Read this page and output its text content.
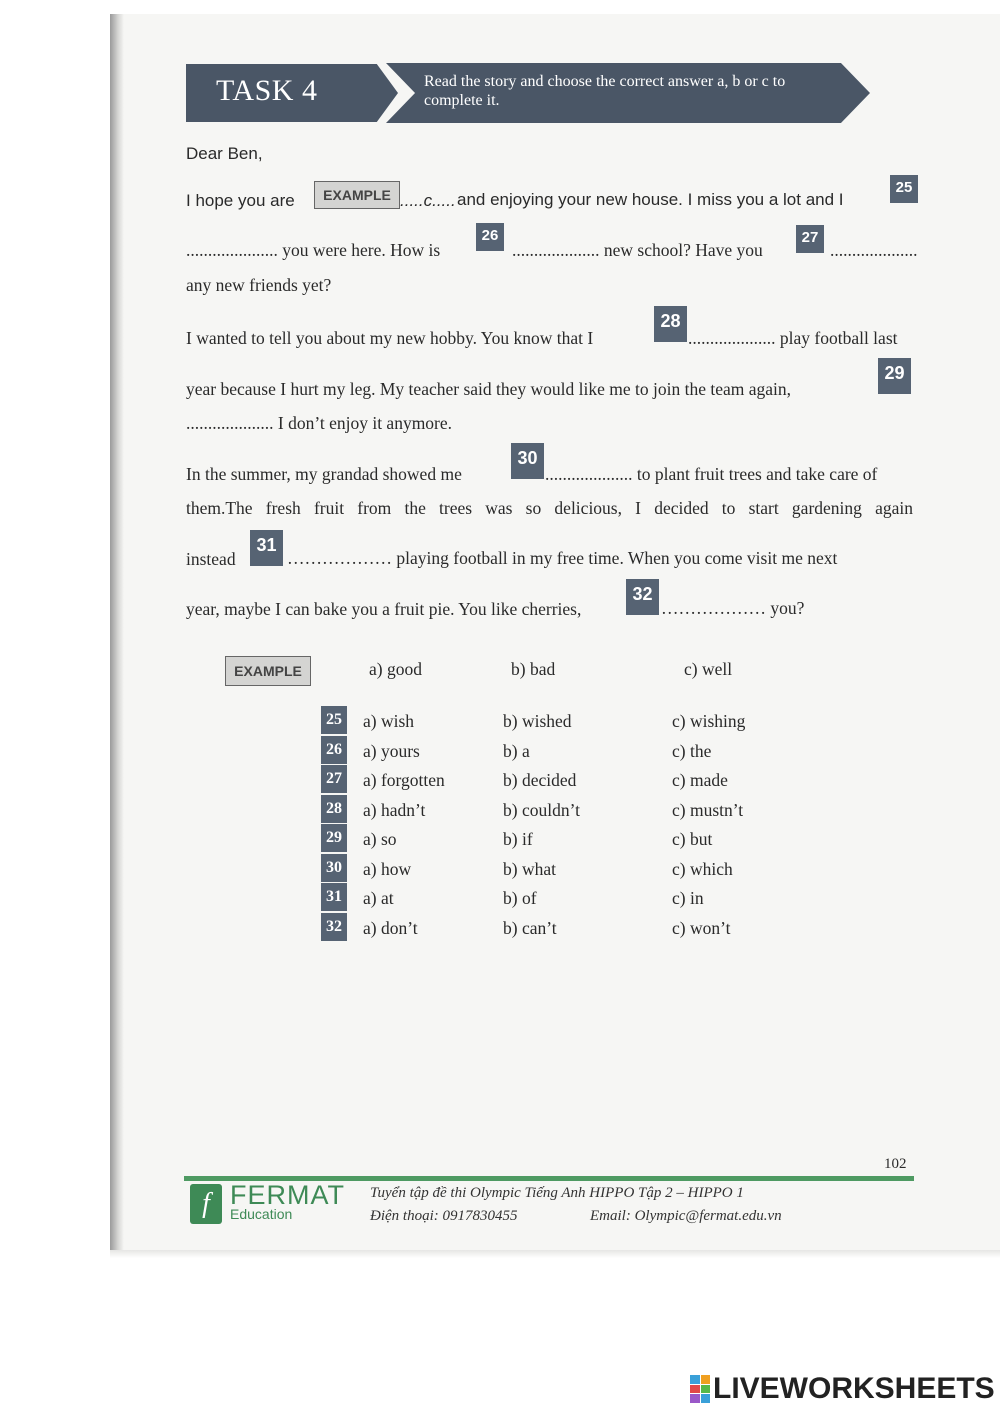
TASK 4	Read the story and choose the correct answer a, b or c to complete it.
Dear Ben,
I hope you are	EXAMPLE .....c..... and enjoying your new house. I miss you a lot and I
25
..................... you were here. How is
26
.................... new school? Have you
27
....................
any new friends yet?
I wanted to tell you about my new hobby. You know that I
28
.................... play football last
year because I hurt my leg. My teacher said they would like me to join the team again,
29
.................... I don’t enjoy it anymore.
In the summer, my grandad showed me
30
.................... to plant fruit trees and take care of
them.The fresh fruit from the trees was so delicious, I decided to start gardening again
instead
31
……………… playing football in my free time. When you come visit me next
year, maybe I can bake you a fruit pie. You like cherries,
32
……………… you?
EXAMPLE	a) good	b) bad	c) well
25 a) wish	b) wished	c) wishing
26 a) yours	b) a	c) the
27 a) forgotten	b) decided	c) made
28 a) hadn’t	b) couldn’t	c) mustn’t
29 a) so	b) if	c) but
30 a) how	b) what	c) which
31 a) at	b) of	c) in
32 a) don’t	b) can’t	c) won’t
102
f FERMAT
Education
Tuyển tập đề thi Olympic Tiếng Anh HIPPO Tập 2 – HIPPO 1
Điện thoại: 0917830455	Email: Olympic@fermat.edu.vn
LIVEWORKSHEETS
